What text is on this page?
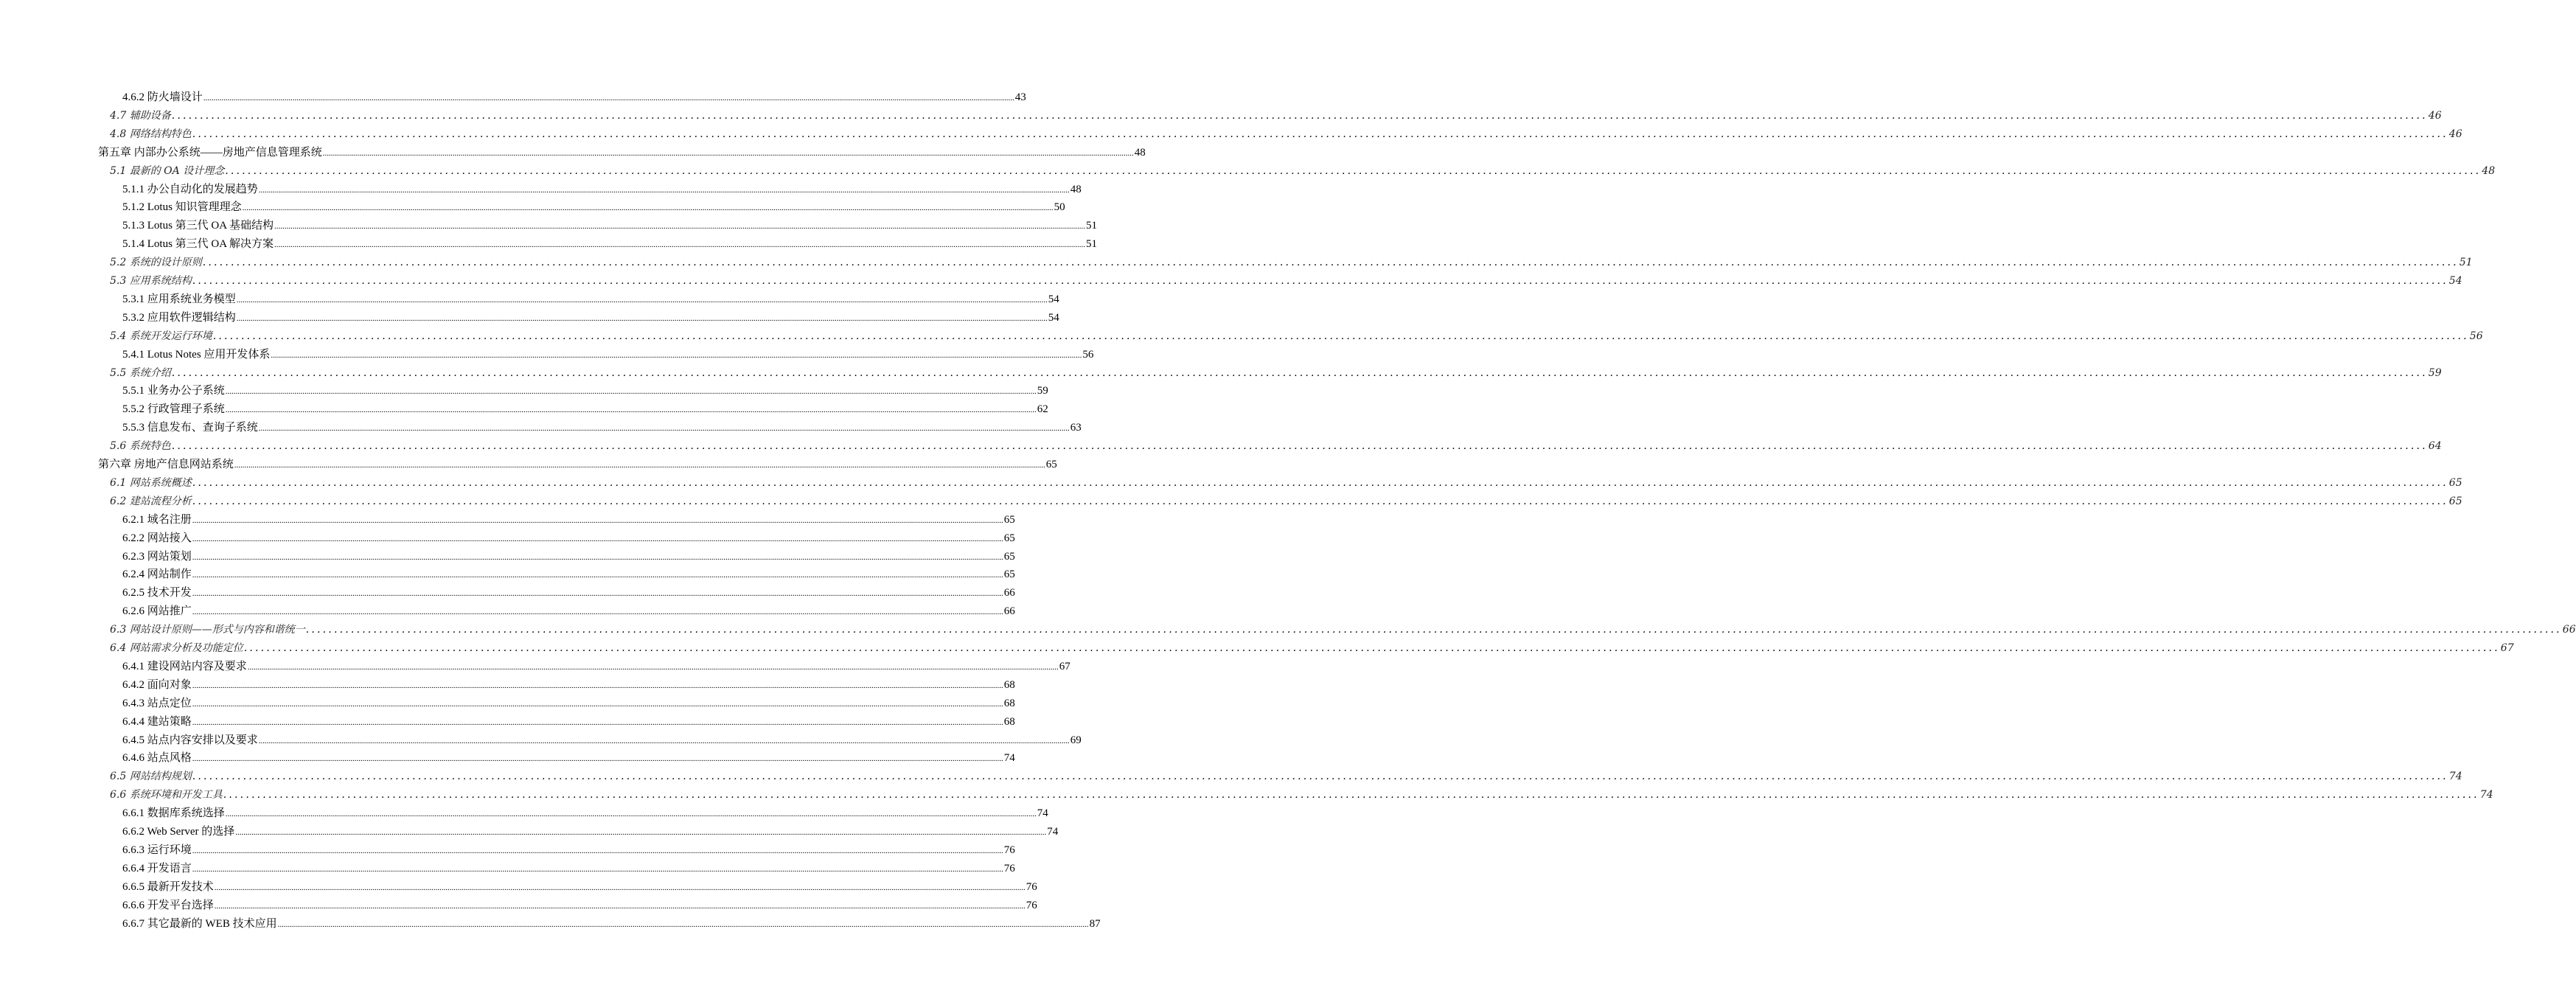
4.6.2 防火墙设计 ................................................................................................................................................................................................................................................................................................................................................................................................................ 43
4.7 辅助设备 ................................................................................................................................................................................................................................................................................................................................................................................................................ 46
4.8 网络结构特色 ................................................................................................................................................................................................................................................................................................................................................................................................................ 46
第五章 内部办公系统——房地产信息管理系统 ................................................................................................................................................................................................................................................................................................................................................................................................................ 48
5.1 最新的 OA 设计理念 ................................................................................................................................................................................................................................................................................................................................................................................................................ 48
5.1.1 办公自动化的发展趋势 ................................................................................................................................................................................................................................................................................................................................................................................................................ 48
5.1.2 Lotus 知识管理理念 ................................................................................................................................................................................................................................................................................................................................................................................................................ 50
5.1.3 Lotus 第三代 OA 基础结构 ................................................................................................................................................................................................................................................................................................................................................................................................................ 51
5.1.4 Lotus 第三代 OA 解决方案 ................................................................................................................................................................................................................................................................................................................................................................................................................ 51
5.2 系统的设计原则 ................................................................................................................................................................................................................................................................................................................................................................................................................ 51
5.3 应用系统结构 ................................................................................................................................................................................................................................................................................................................................................................................................................ 54
5.3.1 应用系统业务模型 ................................................................................................................................................................................................................................................................................................................................................................................................................ 54
5.3.2 应用软件逻辑结构 ................................................................................................................................................................................................................................................................................................................................................................................................................ 54
5.4 系统开发运行环境 ................................................................................................................................................................................................................................................................................................................................................................................................................ 56
5.4.1 Lotus Notes 应用开发体系 ................................................................................................................................................................................................................................................................................................................................................................................................................ 56
5.5 系统介绍 ................................................................................................................................................................................................................................................................................................................................................................................................................ 59
5.5.1 业务办公子系统 ................................................................................................................................................................................................................................................................................................................................................................................................................ 59
5.5.2 行政管理子系统 ................................................................................................................................................................................................................................................................................................................................................................................................................ 62
5.5.3 信息发布、查询子系统 ................................................................................................................................................................................................................................................................................................................................................................................................................ 63
5.6 系统特色 ................................................................................................................................................................................................................................................................................................................................................................................................................ 64
第六章 房地产信息网站系统 ................................................................................................................................................................................................................................................................................................................................................................................................................ 65
6.1 网站系统概述 ................................................................................................................................................................................................................................................................................................................................................................................................................ 65
6.2 建站流程分析 ................................................................................................................................................................................................................................................................................................................................................................................................................ 65
6.2.1 域名注册 ................................................................................................................................................................................................................................................................................................................................................................................................................ 65
6.2.2 网站接入 ................................................................................................................................................................................................................................................................................................................................................................................................................ 65
6.2.3 网站策划 ................................................................................................................................................................................................................................................................................................................................................................................................................ 65
6.2.4 网站制作 ................................................................................................................................................................................................................................................................................................................................................................................................................ 65
6.2.5 技术开发 ................................................................................................................................................................................................................................................................................................................................................................................................................ 66
6.2.6 网站推广 ................................................................................................................................................................................................................................................................................................................................................................................................................ 66
6.3 网站设计原则——形式与内容和谐统一 ................................................................................................................................................................................................................................................................................................................................................................................................................ 66
6.4 网站需求分析及功能定位 ................................................................................................................................................................................................................................................................................................................................................................................................................ 67
6.4.1 建设网站内容及要求 ................................................................................................................................................................................................................................................................................................................................................................................................................ 67
6.4.2 面向对象 ................................................................................................................................................................................................................................................................................................................................................................................................................ 68
6.4.3 站点定位 ................................................................................................................................................................................................................................................................................................................................................................................................................ 68
6.4.4 建站策略 ................................................................................................................................................................................................................................................................................................................................................................................................................ 68
6.4.5 站点内容安排以及要求 ................................................................................................................................................................................................................................................................................................................................................................................................................ 69
6.4.6 站点风格 ................................................................................................................................................................................................................................................................................................................................................................................................................ 74
6.5 网站结构规划 ................................................................................................................................................................................................................................................................................................................................................................................................................ 74
6.6 系统环境和开发工具 ................................................................................................................................................................................................................................................................................................................................................................................................................ 74
6.6.1 数据库系统选择 ................................................................................................................................................................................................................................................................................................................................................................................................................ 74
6.6.2 Web Server 的选择 ................................................................................................................................................................................................................................................................................................................................................................................................................ 74
6.6.3 运行环境 ................................................................................................................................................................................................................................................................................................................................................................................................................ 76
6.6.4 开发语言 ................................................................................................................................................................................................................................................................................................................................................................................................................ 76
6.6.5 最新开发技术 ................................................................................................................................................................................................................................................................................................................................................................................................................ 76
6.6.6 开发平台选择 ................................................................................................................................................................................................................................................................................................................................................................................................................ 76
6.6.7 其它最新的 WEB 技术应用 ................................................................................................................................................................................................................................................................................................................................................................................................................ 87
